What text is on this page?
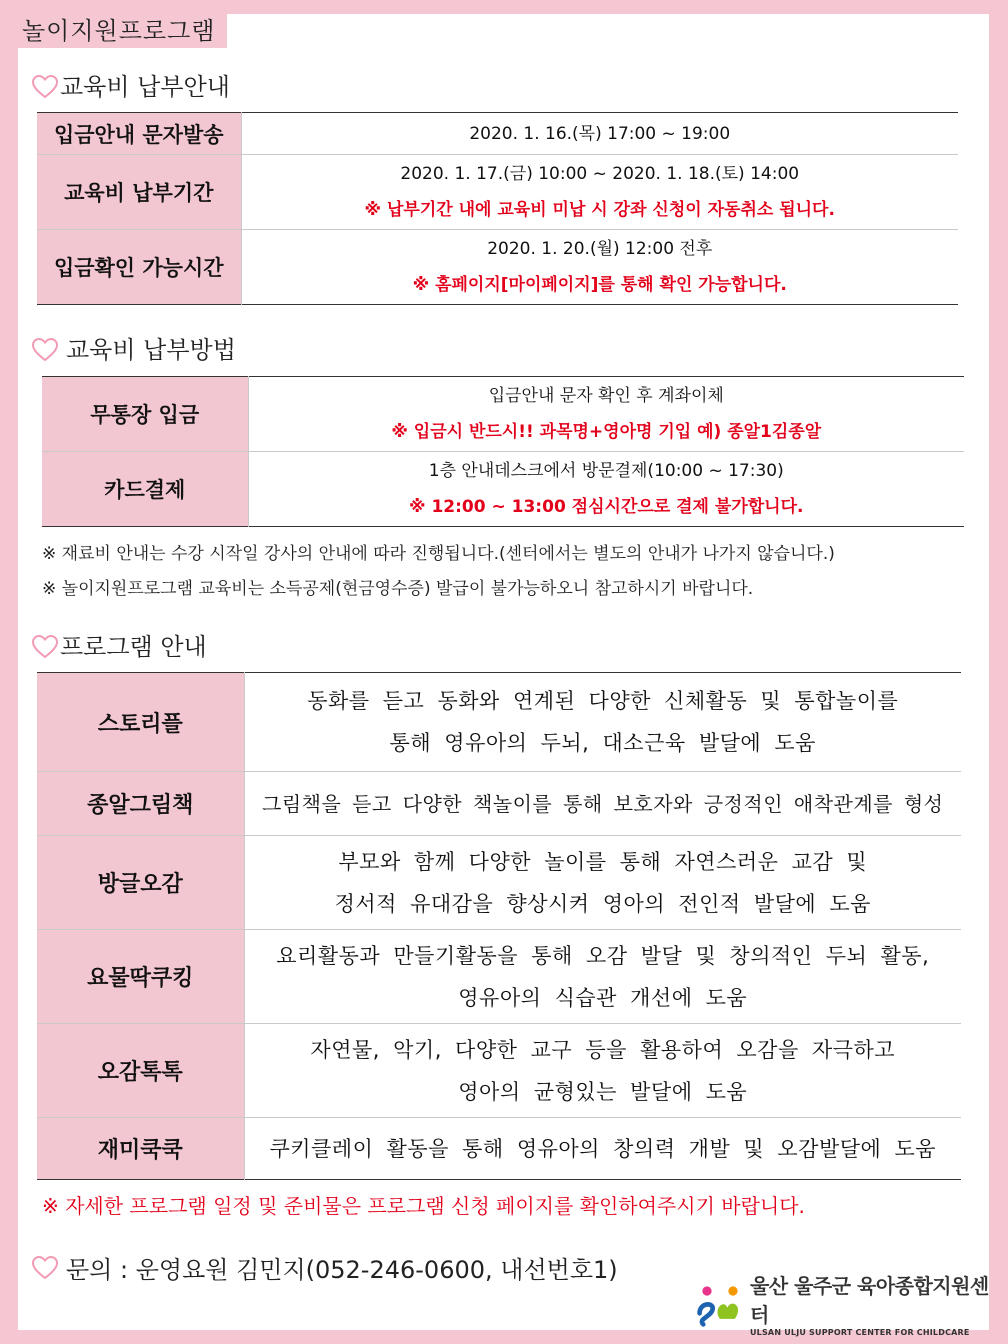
놀이지원프로그램
교육비 납부안내
입금안내 문자발송	2020. 1. 16.(목) 17:00 ~ 19:00
교육비 납부기간	2020. 1. 17.(금) 10:00 ~ 2020. 1. 18.(토) 14:00
※ 납부기간 내에 교육비 미납 시 강좌 신청이 자동취소 됩니다.

입금확인 가능시간	2020. 1. 20.(월) 12:00 전후
※ 홈페이지[마이페이지]를 통해 확인 가능합니다.
교육비 납부방법
무통장 입금	입금안내 문자 확인 후 계좌이체
※ 입금시 반드시!! 과목명+영아명 기입 예) 종알1김종알

카드결제	1층 안내데스크에서 방문결제(10:00 ~ 17:30)
※ 12:00 ~ 13:00 점심시간으로 결제 불가합니다.
※ 재료비 안내는 수강 시작일 강사의 안내에 따라 진행됩니다.(센터에서는 별도의 안내가 나가지 않습니다.)
※ 놀이지원프로그램 교육비는 소득공제(현금영수증) 발급이 불가능하오니 참고하시기 바랍니다.
프로그램 안내
스토리플	동화를 듣고 동화와 연계된 다양한 신체활동 및 통합놀이를
통해 영유아의 두뇌, 대소근육 발달에 도움

종알그림책	그림책을 듣고 다양한 책놀이를 통해 보호자와 긍정적인 애착관계를 형성
방글오감	부모와 함께 다양한 놀이를 통해 자연스러운 교감 및
정서적 유대감을 향상시켜 영아의 전인적 발달에 도움

요물딱쿠킹	요리활동과 만들기활동을 통해 오감 발달 및 창의적인 두뇌 활동,
영유아의 식습관 개선에 도움

오감톡톡	자연물, 악기, 다양한 교구 등을 활용하여 오감을 자극하고
영아의 균형있는 발달에 도움

재미쿡쿡	쿠키클레이 활동을 통해 영유아의 창의력 개발 및 오감발달에 도움
※ 자세한 프로그램 일정 및 준비물은 프로그램 신청 페이지를 확인하여주시기 바랍니다.
문의 : 운영요원 김민지(052-246-0600, 내선번호1)
울산 울주군 육아종합지원센터
ULSAN ULJU SUPPORT CENTER FOR CHILDCARE
